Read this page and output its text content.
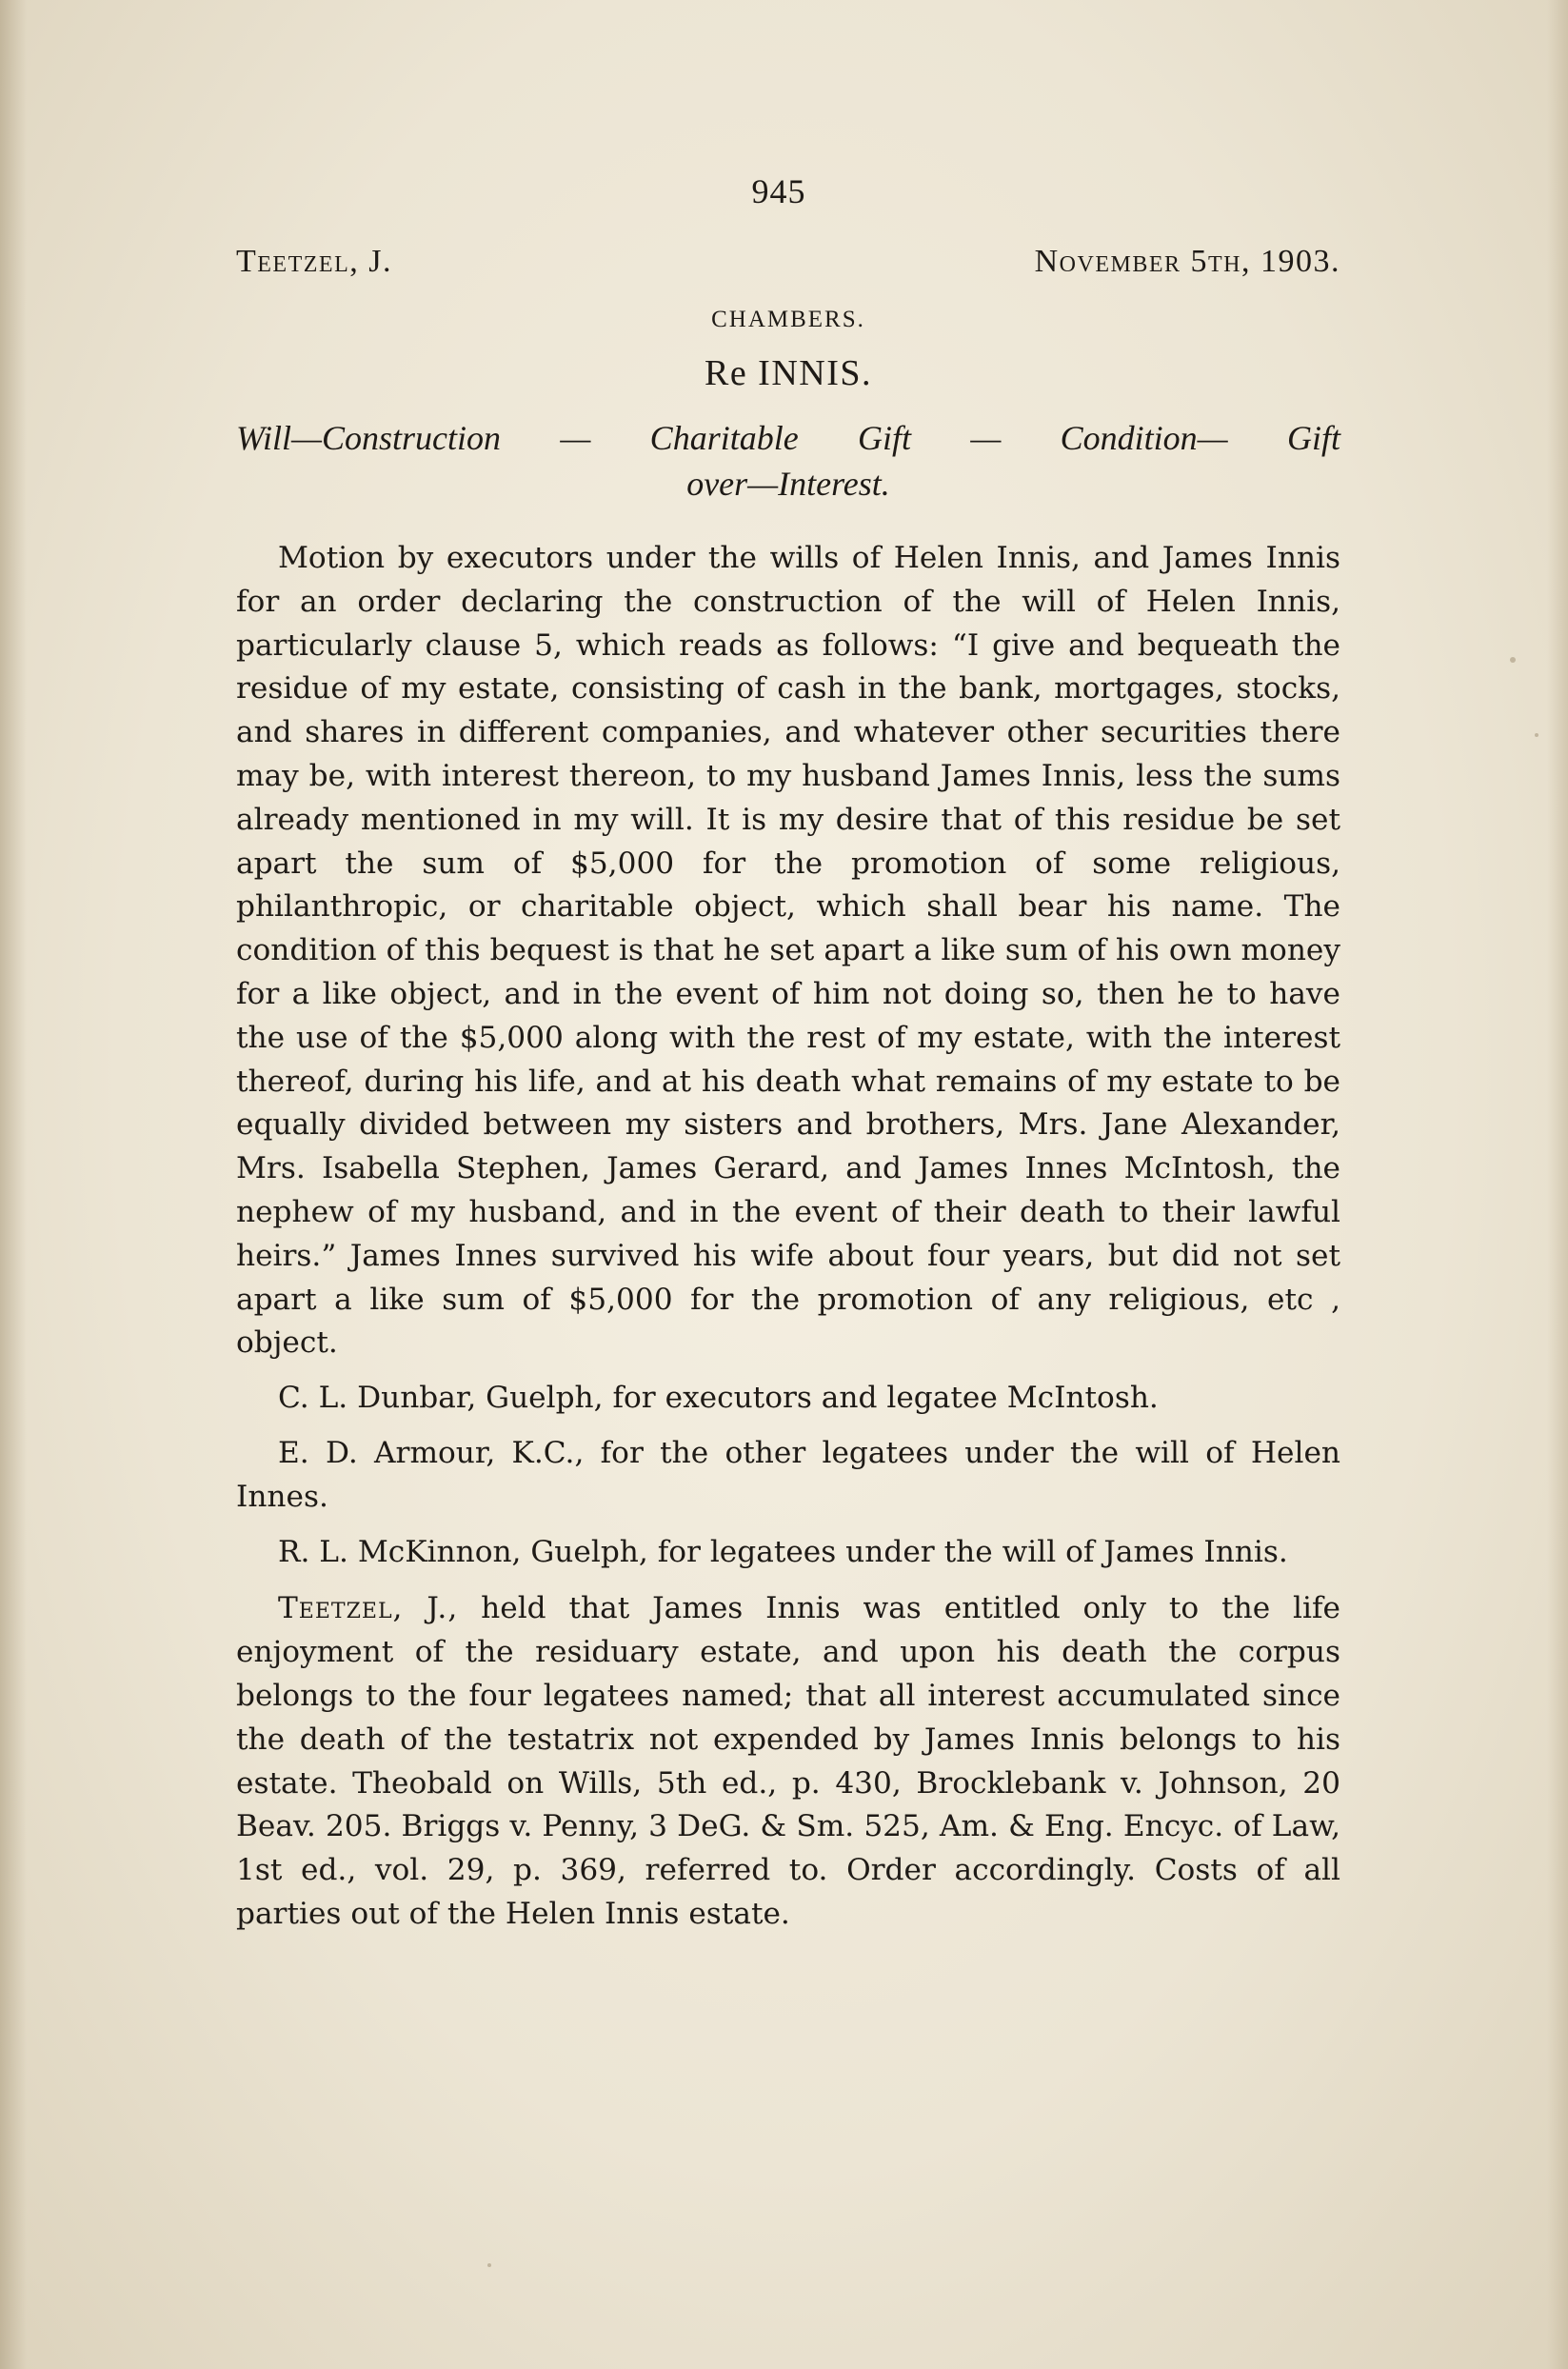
945
Teetzel, J.	November 5th, 1903.
CHAMBERS.
Re INNIS.
Will—Construction — Charitable Gift — Condition— Gift
over—Interest.

Motion by executors under the wills of Helen Innis, and James Innis for an order declaring the construction of the will of Helen Innis, particularly clause 5, which reads as follows: “I give and bequeath the residue of my estate, consisting of cash in the bank, mortgages, stocks, and shares in different companies, and whatever other securities there may be, with interest thereon, to my husband James Innis, less the sums already mentioned in my will. It is my desire that of this residue be set apart the sum of $5,000 for the promotion of some religious, philanthropic, or charitable object, which shall bear his name. The condition of this bequest is that he set apart a like sum of his own money for a like object, and in the event of him not doing so, then he to have the use of the $5,000 along with the rest of my estate, with the interest thereof, during his life, and at his death what remains of my estate to be equally divided between my sisters and brothers, Mrs. Jane Alexander, Mrs. Isabella Stephen, James Gerard, and James Innes McIntosh, the nephew of my husband, and in the event of their death to their lawful heirs.” James Innes survived his wife about four years, but did not set apart a like sum of $5,000 for the promotion of any religious, etc , object.

C. L. Dunbar, Guelph, for executors and legatee McIntosh.

E. D. Armour, K.C., for the other legatees under the will of Helen Innes.

R. L. McKinnon, Guelph, for legatees under the will of James Innis.

Teetzel, J., held that James Innis was entitled only to the life enjoyment of the residuary estate, and upon his death the corpus belongs to the four legatees named; that all interest accumulated since the death of the testatrix not expended by James Innis belongs to his estate. Theobald on Wills, 5th ed., p. 430, Brocklebank v. Johnson, 20 Beav. 205. Briggs v. Penny, 3 DeG. & Sm. 525, Am. & Eng. Encyc. of Law, 1st ed., vol. 29, p. 369, referred to. Order accordingly. Costs of all parties out of the Helen Innis estate.
